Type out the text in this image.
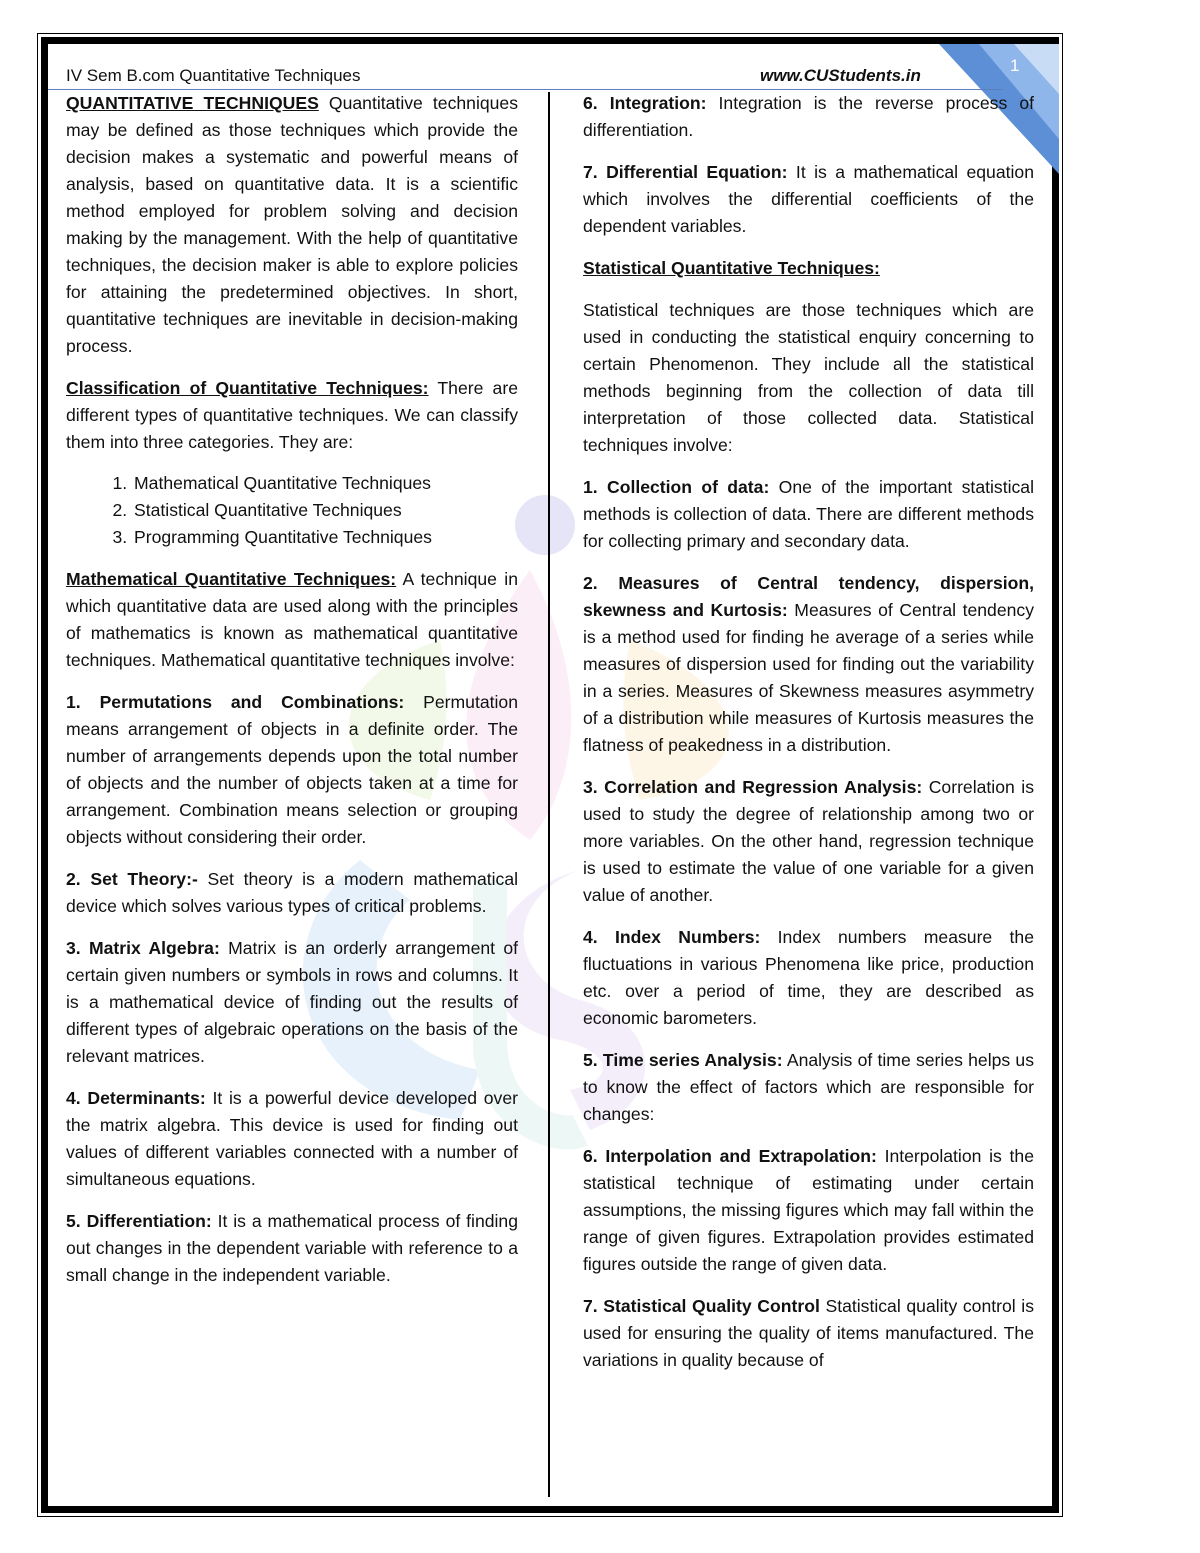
1
IV Sem B.com Quantitative Techniques	www.CUStudents.in

QUANTITATIVE TECHNIQUES Quantitative techniques may be defined as those techniques which provide the decision makes a systematic and powerful means of analysis, based on quantitative data. It is a scientific method employed for problem solving and decision making by the management. With the help of quantitative techniques, the decision maker is able to explore policies for attaining the predetermined objectives. In short, quantitative techniques are inevitable in decision-making process.

Classification of Quantitative Techniques: There are different types of quantitative techniques. We can classify them into three categories. They are:

1. Mathematical Quantitative Techniques
2. Statistical Quantitative Techniques
3. Programming Quantitative Techniques

Mathematical Quantitative Techniques: A technique in which quantitative data are used along with the principles of mathematics is known as mathematical quantitative techniques. Mathematical quantitative techniques involve:

1. Permutations and Combinations: Permutation means arrangement of objects in a definite order. The number of arrangements depends upon the total number of objects and the number of objects taken at a time for arrangement. Combination means selection or grouping objects without considering their order.

2. Set Theory:- Set theory is a modern mathematical device which solves various types of critical problems.

3. Matrix Algebra: Matrix is an orderly arrangement of certain given numbers or symbols in rows and columns. It is a mathematical device of finding out the results of different types of algebraic operations on the basis of the relevant matrices.

4. Determinants: It is a powerful device developed over the matrix algebra. This device is used for finding out values of different variables connected with a number of simultaneous equations.

5. Differentiation: It is a mathematical process of finding out changes in the dependent variable with reference to a small change in the independent variable.

6. Integration: Integration is the reverse process of differentiation.

7. Differential Equation: It is a mathematical equation which involves the differential coefficients of the dependent variables.

Statistical Quantitative Techniques:

Statistical techniques are those techniques which are used in conducting the statistical enquiry concerning to certain Phenomenon. They include all the statistical methods beginning from the collection of data till interpretation of those collected data. Statistical techniques involve:

1. Collection of data: One of the important statistical methods is collection of data. There are different methods for collecting primary and secondary data.

2. Measures of Central tendency, dispersion, skewness and Kurtosis: Measures of Central tendency is a method used for finding he average of a series while measures of dispersion used for finding out the variability in a series. Measures of Skewness measures asymmetry of a distribution while measures of Kurtosis measures the flatness of peakedness in a distribution.

3. Correlation and Regression Analysis: Correlation is used to study the degree of relationship among two or more variables. On the other hand, regression technique is used to estimate the value of one variable for a given value of another.

4. Index Numbers: Index numbers measure the fluctuations in various Phenomena like price, production etc. over a period of time, they are described as economic barometers.

5. Time series Analysis: Analysis of time series helps us to know the effect of factors which are responsible for changes:

6. Interpolation and Extrapolation: Interpolation is the statistical technique of estimating under certain assumptions, the missing figures which may fall within the range of given figures. Extrapolation provides estimated figures outside the range of given data.

7. Statistical Quality Control Statistical quality control is used for ensuring the quality of items manufactured. The variations in quality because of
